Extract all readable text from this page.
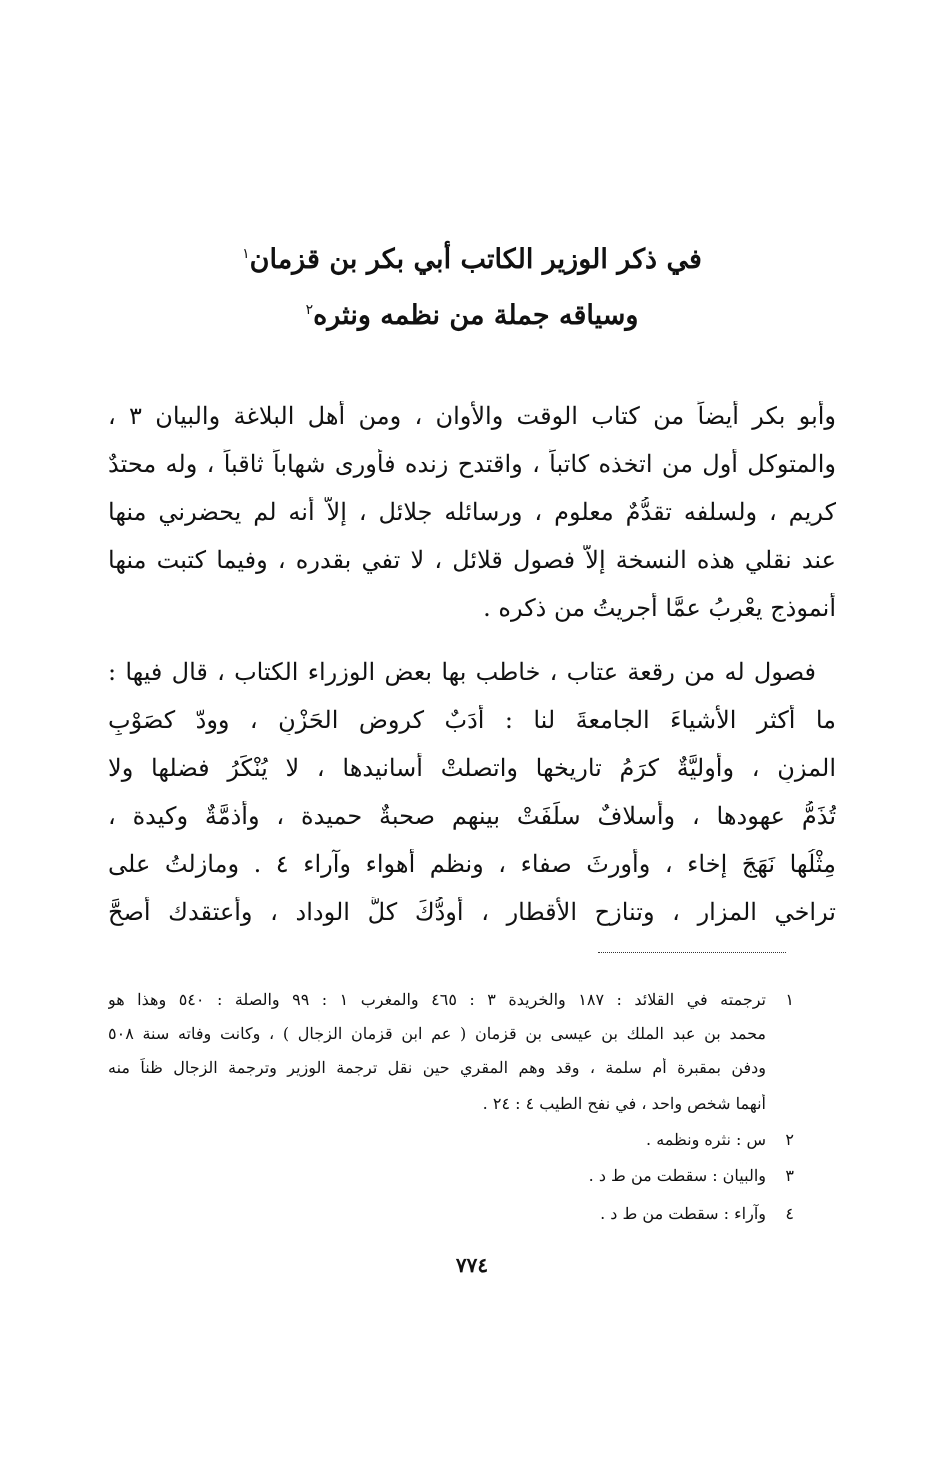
في ذكر الوزير الكاتب أبي بكر بن قزمان$^١$
وسياقه جملة من نظمه ونثره$^٢$
وأبو بكر أيضاً من كتاب الوقت والأوان ، ومن أهل البلاغة والبيان ٣ ،
والمتوكل أول من اتخذه كاتباً ، واقتدح زنده فأورى شهاباً ثاقباً ، وله محتدٌ
كريم ، ولسلفه تقدُّمٌ معلوم ، ورسائله جلائل ، إلاَّ أنه لم يحضرني منها
عند نقلي هذه النسخة إلاَّ فصول قلائل ، لا تفي بقدره ، وفيما كتبت منها
أنموذج يعْرِبُ عمَّا أجريتُ من ذكره .
فصول له من رقعة عتاب ، خاطب بها بعض الوزراء الكتاب ، قال فيها :
ما أكثر الأشياءَ الجامعةَ لنا : أدَبٌ كروض الحَزْنِ ، وودّ كصَوْبِ
المزنِ ، وأوليَّةٌ كرَمُ تاريخها واتصلتْ أسانيدها ، لا يُنْكَرُ فضلها ولا
تُذَمُّ عهودها ، وأسلافٌ سلَفَتْ بينهم صحبةٌ حميدة ، وأذمَّةٌ وكيدة ،
مِثْلُها نَهَجَ إخاء ، وأورثَ صفاء ، ونظم أهواء وآراء ٤ . ومازلتُ على
تراخي المزار ، وتنازح الأقطار ، أودُّكَ كلَّ الوداد ، وأعتقدك أصحَّ
١
ترجمته في القلائد : ١٨٧ والخريدة ٣ : ٤٦٥ والمغرب ١ : ٩٩ والصلة : ٥٤٠ وهذا هو
محمد بن عبد الملك بن عيسى بن قزمان ( عم ابن قزمان الزجال ) ، وكانت وفاته سنة ٥٠٨
ودفن بمقبرة أم سلمة ، وقد وهم المقري حين نقل ترجمة الوزير وترجمة الزجال ظناً منه
أنهما شخص واحد ، في نفح الطيب ٤ : ٢٤ .
٢
س : نثره ونظمه .
٣
والبيان : سقطت من ط د .
٤
وآراء : سقطت من ط د .
٧٧٤
